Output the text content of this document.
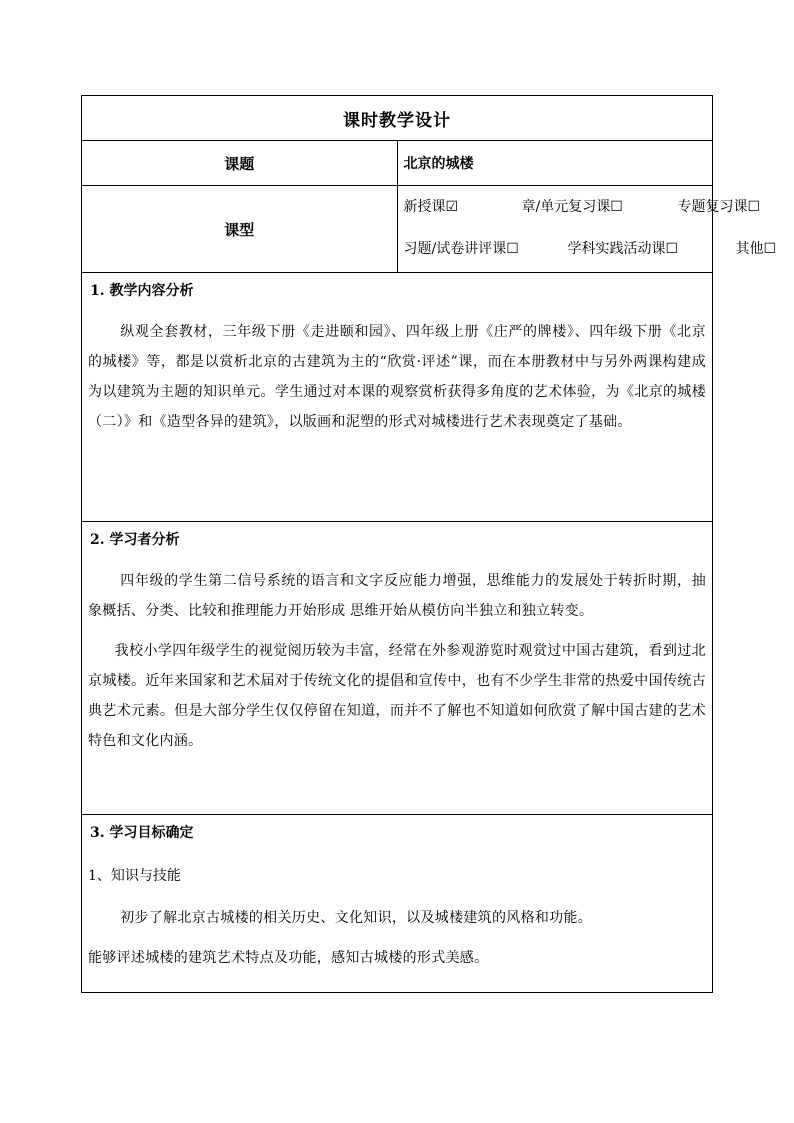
课时教学设计	
课题	北京的城楼
课型	新授课☑ 章/单元复习课☐ 专题复习课☐
习题/试卷讲评课☐ 学科实践活动课☐ 其他☐

1. 教学内容分析

纵观全套教材，三年级下册《走进颐和园》、四年级上册《庄严的牌楼》、四年级下册《北京的城楼》等，都是以赏析北京的古建筑为主的“欣赏·评述”课，而在本册教材中与另外两课构建成为以建筑为主题的知识单元。学生通过对本课的观察赏析获得多角度的艺术体验，为《北京的城楼（二）》和《造型各异的建筑》，以版画和泥塑的形式对城楼进行艺术表现奠定了基础。	

2. 学习者分析

四年级的学生第二信号系统的语言和文字反应能力增强，思维能力的发展处于转折时期，抽象概括、分类、比较和推理能力开始形成 思维开始从模仿向半独立和独立转变。

我校小学四年级学生的视觉阅历较为丰富，经常在外参观游览时观赏过中国古建筑，看到过北京城楼。近年来国家和艺术届对于传统文化的提倡和宣传中，也有不少学生非常的热爱中国传统古典艺术元素。但是大部分学生仅仅停留在知道，而并不了解也不知道如何欣赏了解中国古建的艺术特色和文化内涵。	

3. 学习目标确定
1、知识与技能

初步了解北京古城楼的相关历史、文化知识，以及城楼建筑的风格和功能。

能够评述城楼的建筑艺术特点及功能，感知古城楼的形式美感。	
